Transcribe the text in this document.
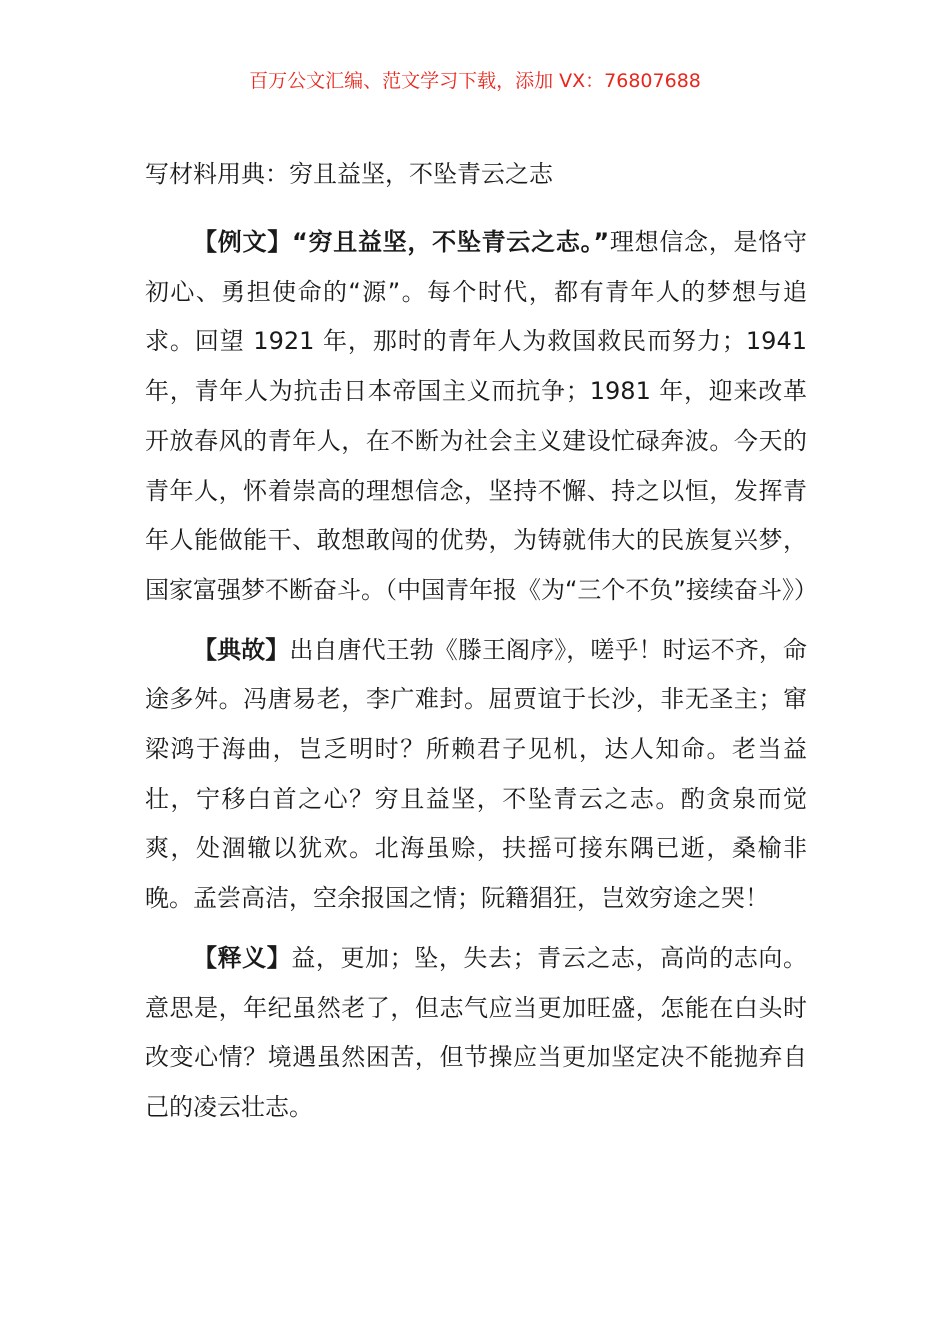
百万公文汇编、范文学习下载，添加 VX：76807688
写材料用典：穷且益坚，不坠青云之志

【例文】“穷且益坚，不坠青云之志。”理想信念，是恪守初心、勇担使命的“源”。每个时代，都有青年人的梦想与追求。回望 1921 年，那时的青年人为救国救民而努力；1941 年，青年人为抗击日本帝国主义而抗争；1981 年，迎来改革开放春风的青年人，在不断为社会主义建设忙碌奔波。今天的青年人，怀着崇高的理想信念，坚持不懈、持之以恒，发挥青年人能做能干、敢想敢闯的优势，为铸就伟大的民族复兴梦，国家富强梦不断奋斗。（中国青年报《为“三个不负”接续奋斗》）

【典故】出自唐代王勃《滕王阁序》，嗟乎！时运不齐，命途多舛。冯唐易老，李广难封。屈贾谊于长沙，非无圣主；窜梁鸿于海曲，岂乏明时？所赖君子见机，达人知命。老当益壮，宁移白首之心？穷且益坚，不坠青云之志。酌贪泉而觉爽，处涸辙以犹欢。北海虽赊，扶摇可接东隅已逝，桑榆非晚。孟尝高洁，空余报国之情；阮籍猖狂，岂效穷途之哭！

【释义】益，更加；坠，失去；青云之志，高尚的志向。意思是，年纪虽然老了，但志气应当更加旺盛，怎能在白头时改变心情？境遇虽然困苦，但节操应当更加坚定决不能抛弃自己的凌云壮志。
